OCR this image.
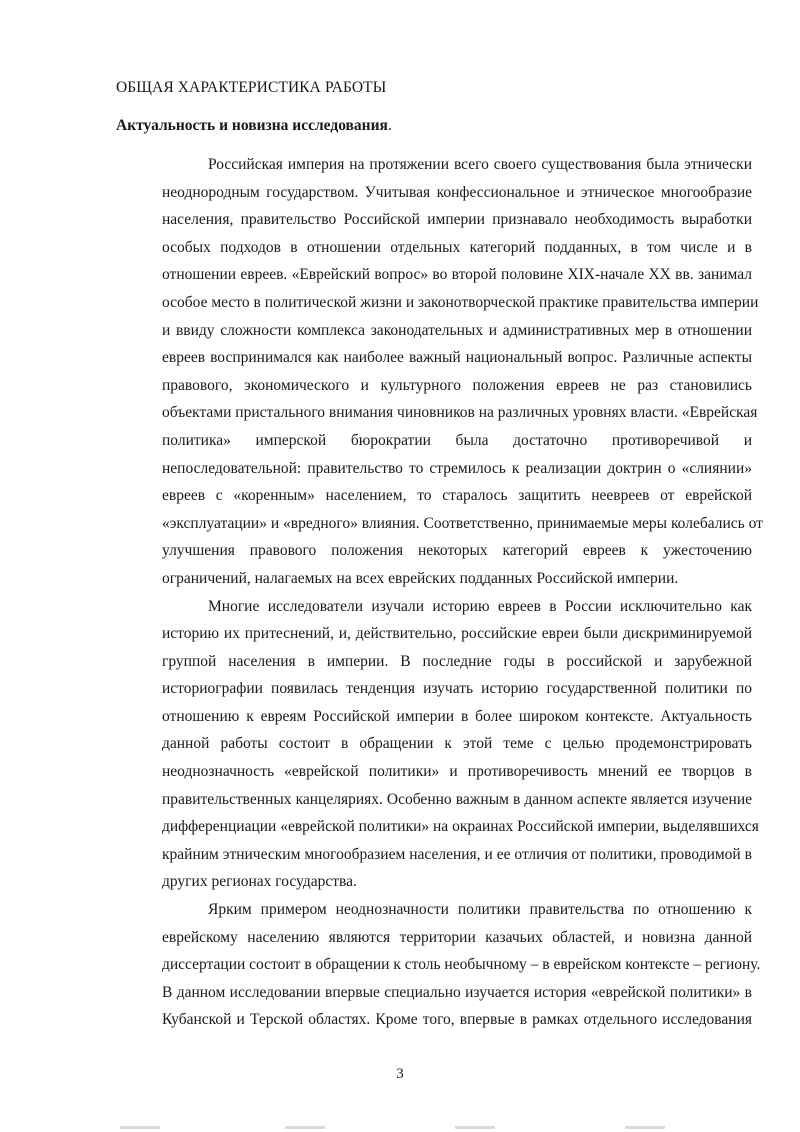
ОБЩАЯ ХАРАКТЕРИСТИКА РАБОТЫ
Актуальность и новизна исследования.
Российская империя на протяжении всего своего существования была этнически
неоднородным государством. Учитывая конфессиональное и этническое многообразие
населения, правительство Российской империи признавало необходимость выработки
особых подходов в отношении отдельных категорий подданных, в том числе и в
отношении евреев. «Еврейский вопрос» во второй половине XIX-начале XX вв. занимал
особое место в политической жизни и законотворческой практике правительства империи
и ввиду сложности комплекса законодательных и административных мер в отношении
евреев воспринимался как наиболее важный национальный вопрос. Различные аспекты
правового, экономического и культурного положения евреев не раз становились
объектами пристального внимания чиновников на различных уровнях власти. «Еврейская
политика» имперской бюрократии была достаточно противоречивой и
непоследовательной: правительство то стремилось к реализации доктрин о «слиянии»
евреев с «коренным» населением, то старалось защитить неевреев от еврейской
«эксплуатации» и «вредного» влияния. Соответственно, принимаемые меры колебались от
улучшения правового положения некоторых категорий евреев к ужесточению
ограничений, налагаемых на всех еврейских подданных Российской империи.
Многие исследователи изучали историю евреев в России исключительно как
историю их притеснений, и, действительно, российские евреи были дискриминируемой
группой населения в империи. В последние годы в российской и зарубежной
историографии появилась тенденция изучать историю государственной политики по
отношению к евреям Российской империи в более широком контексте. Актуальность
данной работы состоит в обращении к этой теме с целью продемонстрировать
неоднозначность «еврейской политики» и противоречивость мнений ее творцов в
правительственных канцеляриях. Особенно важным в данном аспекте является изучение
дифференциации «еврейской политики» на окраинах Российской империи, выделявшихся
крайним этническим многообразием населения, и ее отличия от политики, проводимой в
других регионах государства.
Ярким примером неоднозначности политики правительства по отношению к
еврейскому населению являются территории казачьих областей, и новизна данной
диссертации состоит в обращении к столь необычному – в еврейском контексте – региону.
В данном исследовании впервые специально изучается история «еврейской политики» в
Кубанской и Терской областях. Кроме того, впервые в рамках отдельного исследования
3
